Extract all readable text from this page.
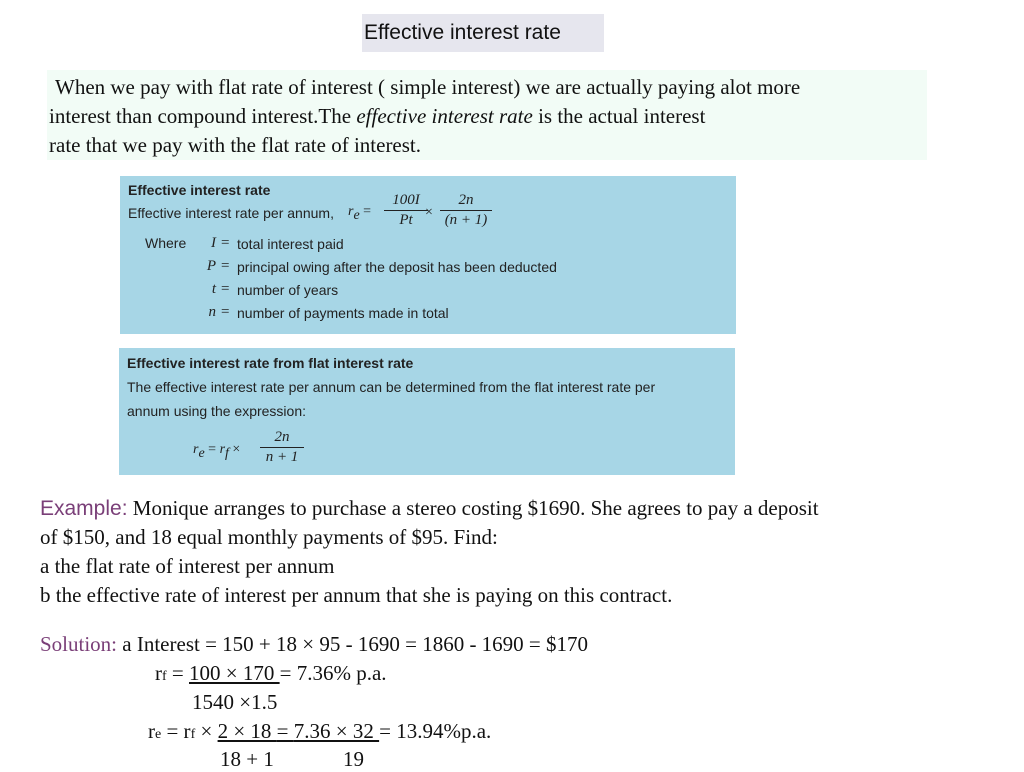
Effective interest rate
When we pay with flat rate of interest ( simple interest) we are actually paying alot more
interest than compound interest.The effective interest rate is the actual interest
rate that we pay with the flat rate of interest.
Effective interest rate
Effective interest rate per annum, $r_e = \frac{100I}{Pt}$
× $\frac{2n}{(n + 1)}$
Where	I = total interest paid
P = principal owing after the deposit has been deducted
t = number of years
n = number of payments made in total
Effective interest rate from flat interest rate
The effective interest rate per annum can be determined from the flat interest rate per
annum using the expression:
$r_e = r_f \times \frac{2n}{n + 1}$
Example: Monique arranges to purchase a stereo costing $1690. She agrees to pay a deposit
of $150, and 18 equal monthly payments of $95. Find:
a the flat rate of interest per annum
b the effective rate of interest per annum that she is paying on this contract.
Solution: a Interest = 150 + 18 × 95 - 1690 = 1860 - 1690 = $170
rf = 100 × 170 = 7.36% p.a.
1540 ×1.5
re = rf × 2 × 18 = 7.36 × 32 = 13.94%p.a.
18 + 1	19
